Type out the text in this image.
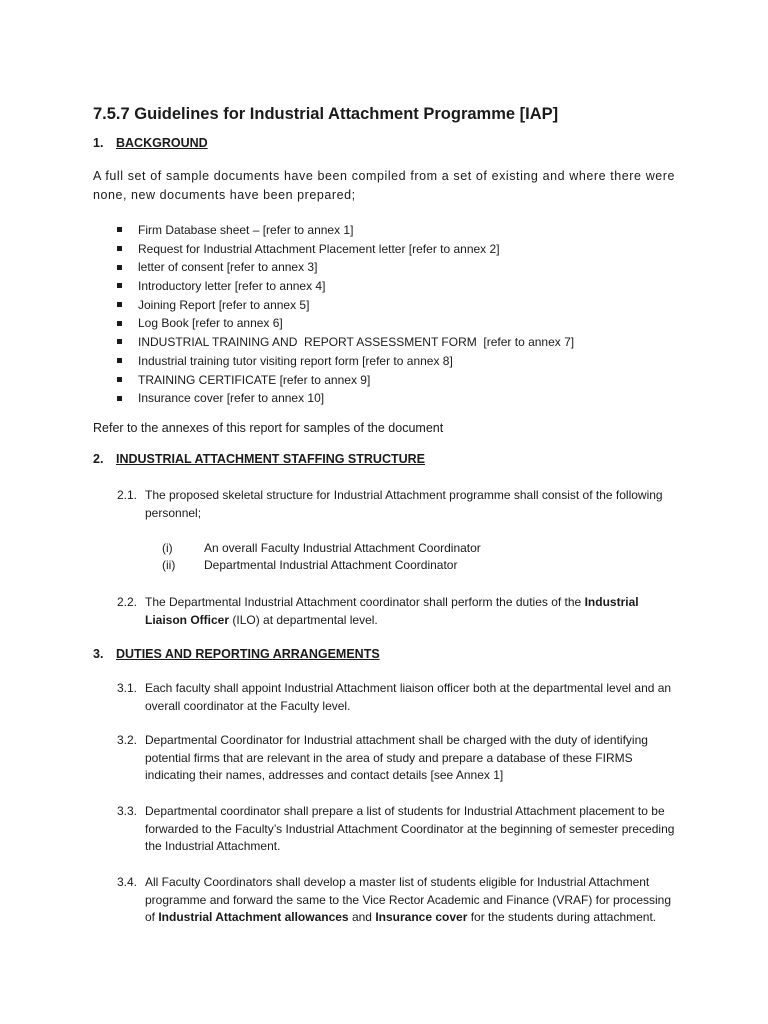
7.5.7 Guidelines for Industrial Attachment Programme [IAP]
1. BACKGROUND
A full set of sample documents have been compiled from a set of existing and where there were none, new documents have been prepared;
Firm Database sheet – [refer to annex 1]
Request for Industrial Attachment Placement letter [refer to annex 2]
letter of consent [refer to annex 3]
Introductory letter [refer to annex 4]
Joining Report [refer to annex 5]
Log Book [refer to annex 6]
INDUSTRIAL TRAINING AND  REPORT ASSESSMENT FORM  [refer to annex 7]
Industrial training tutor visiting report form [refer to annex 8]
TRAINING CERTIFICATE [refer to annex 9]
Insurance cover [refer to annex 10]
Refer to the annexes of this report for samples of the document
2. INDUSTRIAL ATTACHMENT STAFFING STRUCTURE
2.1. The proposed skeletal structure for Industrial Attachment programme shall consist of the following personnel;
(i)	An overall Faculty Industrial Attachment Coordinator
(ii) Departmental Industrial Attachment Coordinator
2.2. The Departmental Industrial Attachment coordinator shall perform the duties of the Industrial Liaison Officer (ILO) at departmental level.
3. DUTIES AND REPORTING ARRANGEMENTS
3.1. Each faculty shall appoint Industrial Attachment liaison officer both at the departmental level and an overall coordinator at the Faculty level.
3.2. Departmental Coordinator for Industrial attachment shall be charged with the duty of identifying potential firms that are relevant in the area of study and prepare a database of these FIRMS indicating their names, addresses and contact details [see Annex 1]
3.3. Departmental coordinator shall prepare a list of students for Industrial Attachment placement to be forwarded to the Faculty’s Industrial Attachment Coordinator at the beginning of semester preceding the Industrial Attachment.
3.4. All Faculty Coordinators shall develop a master list of students eligible for Industrial Attachment programme and forward the same to the Vice Rector Academic and Finance (VRAF) for processing of Industrial Attachment allowances and Insurance cover for the students during attachment.
